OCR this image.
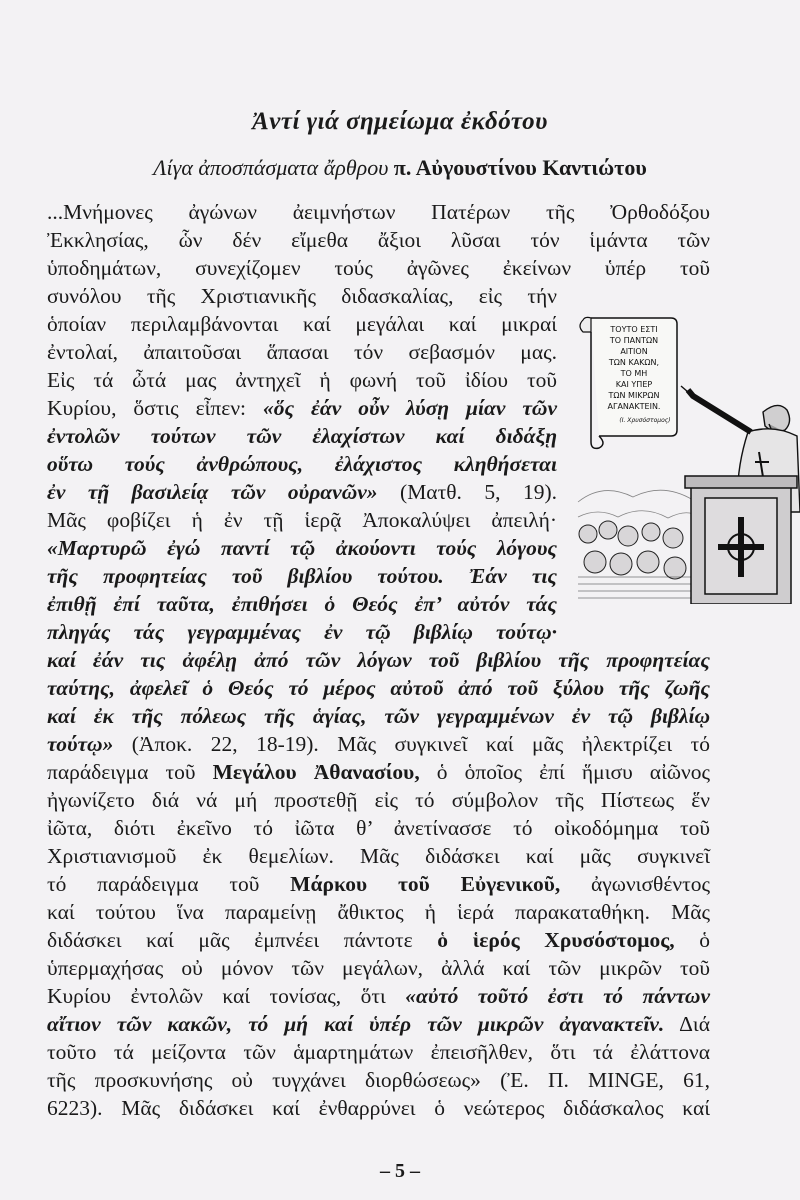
Ἀντί γιά σημείωμα ἐκδότου
Λίγα ἀποσπάσματα ἄρθρου π. Αὐγουστίνου Καντιώτου
ΤΟΥΤΟ ΕΣΤΙ
ΤΟ ΠΑΝΤΩΝ
ΑΙΤΙΟΝ
ΤΩΝ ΚΑΚΩΝ,
ΤΟ ΜΗ
ΚΑΙ ΥΠΕΡ
ΤΩΝ ΜΙΚΡΩΝ
ΑΓΑΝΑΚΤΕΙΝ.
(Ι. Χρυσόστομος)
...Μνήμονες ἀγώνων ἀειμνήστων Πατέρων τῆς Ὀρθοδόξου
Ἐκκλησίας, ὧν δέν εἴμεθα ἄξιοι λῦσαι τόν ἱμάντα τῶν
ὑποδημάτων, συνεχίζομεν τούς ἀγῶνες ἐκείνων ὑπέρ τοῦ
συνόλου τῆς Χριστιανικῆς διδασκαλίας, εἰς τήν
ὁποίαν περιλαμβάνονται καί μεγάλαι καί μικραί
ἐντολαί, ἀπαιτοῦσαι ἅπασαι τόν σεβασμόν μας.
Εἰς τά ὦτά μας ἀντηχεῖ ἡ φωνή τοῦ ἰδίου τοῦ
Κυρίου, ὅστις εἶπεν: «ὅς ἐάν οὖν λύσῃ μίαν τῶν
ἐντολῶν τούτων τῶν ἐλαχίστων καί διδάξῃ
οὕτω τούς ἀνθρώπους, ἐλάχιστος κληθήσεται
ἐν τῇ βασιλείᾳ τῶν οὐρανῶν» (Ματθ. 5, 19).
Μᾶς φοβίζει ἡ ἐν τῇ ἱερᾷ Ἀποκαλύψει ἀπειλή·
«Μαρτυρῶ ἐγώ παντί τῷ ἀκούοντι τούς λόγους
τῆς προφητείας τοῦ βιβλίου τούτου. Ἐάν τις
ἐπιθῇ ἐπί ταῦτα, ἐπιθήσει ὁ Θεός ἐπ’ αὐτόν τάς
πληγάς τάς γεγραμμένας ἐν τῷ βιβλίῳ τούτῳ·
καί ἐάν τις ἀφέλῃ ἀπό τῶν λόγων τοῦ βιβλίου τῆς προφητείας
ταύτης, ἀφελεῖ ὁ Θεός τό μέρος αὐτοῦ ἀπό τοῦ ξύλου τῆς ζωῆς
καί ἐκ τῆς πόλεως τῆς ἁγίας, τῶν γεγραμμένων ἐν τῷ βιβλίῳ
τούτῳ» (Ἀποκ. 22, 18-19). Μᾶς συγκινεῖ καί μᾶς ἠλεκτρίζει τό
παράδειγμα τοῦ Μεγάλου Ἀθανασίου, ὁ ὁποῖος ἐπί ἥμισυ αἰῶνος
ἠγωνίζετο διά νά μή προστεθῇ εἰς τό σύμβολον τῆς Πίστεως ἕν
ἰῶτα, διότι ἐκεῖνο τό ἰῶτα θ’ ἀνετίνασσε τό οἰκοδόμημα τοῦ
Χριστιανισμοῦ ἐκ θεμελίων. Μᾶς διδάσκει καί μᾶς συγκινεῖ
τό παράδειγμα τοῦ Μάρκου τοῦ Εὐγενικοῦ, ἀγωνισθέντος
καί τούτου ἵνα παραμείνῃ ἄθικτος ἡ ἱερά παρακαταθήκη. Μᾶς
διδάσκει καί μᾶς ἐμπνέει πάντοτε ὁ ἱερός Χρυσόστομος, ὁ
ὑπερμαχήσας οὐ μόνον τῶν μεγάλων, ἀλλά καί τῶν μικρῶν τοῦ
Κυρίου ἐντολῶν καί τονίσας, ὅτι «αὐτό τοῦτό ἐστι τό πάντων
αἴτιον τῶν κακῶν, τό μή καί ὑπέρ τῶν μικρῶν ἀγανακτεῖν. Διά
τοῦτο τά μείζοντα τῶν ἁμαρτημάτων ἐπεισῆλθεν, ὅτι τά ἐλάττονα
τῆς προσκυνήσης οὐ τυγχάνει διορθώσεως» (Ἐ. Π. MINGE, 61,
6223). Μᾶς διδάσκει καί ἐνθαρρύνει ὁ νεώτερος διδάσκαλος καί
– 5 –
